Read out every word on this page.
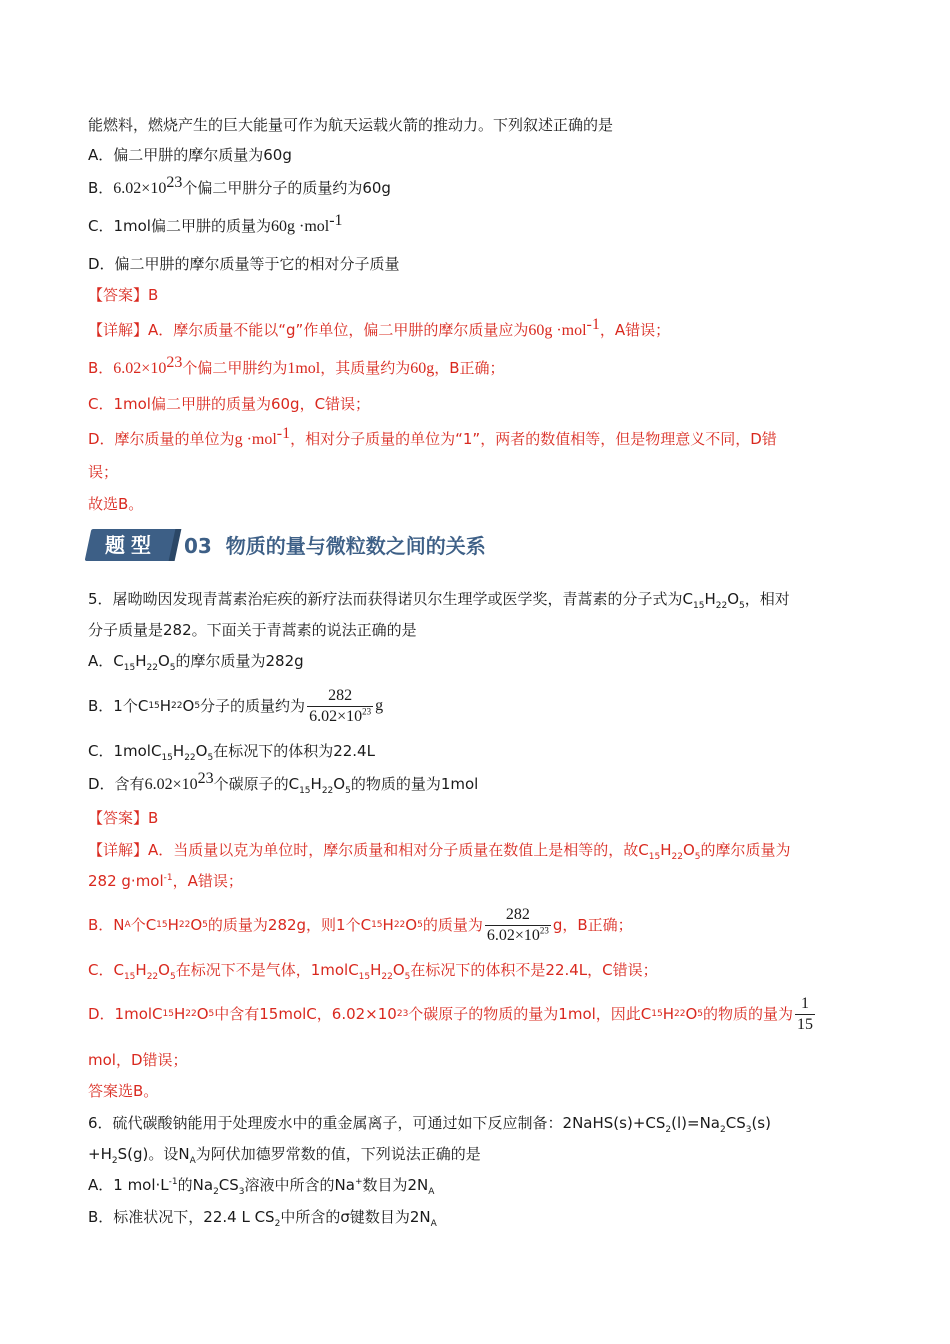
能燃料，燃烧产生的巨大能量可作为航天运载火箭的推动力。下列叙述正确的是
A．偏二甲肼的摩尔质量为60g
B．$6.02\times 10^{23}$个偏二甲肼分子的质量约为60g
C．1mol偏二甲肼的质量为60g ·mol$^{-1}$
D．偏二甲肼的摩尔质量等于它的相对分子质量
【答案】B
【详解】A．摩尔质量不能以“g”作单位，偏二甲肼的摩尔质量应为60g ·mol$^{-1}$，A错误；
B．$6.02\times 10^{23}$个偏二甲肼约为1mol，其质量约为60g，B正确；
C．1mol偏二甲肼的质量为60g，C错误；
D．摩尔质量的单位为g ·mol$^{-1}$，相对分子质量的单位为“1”，两者的数值相等，但是物理意义不同，D错
误；
故选B。
题型	03 物质的量与微粒数之间的关系
5．屠呦呦因发现青蒿素治疟疾的新疗法而获得诺贝尔生理学或医学奖，青蒿素的分子式为$C_{15}H_{22}O_5$，相对
分子质量是282。下面关于青蒿素的说法正确的是
A．$C_{15}H_{22}O_5$的摩尔质量为282g
B．1个C 15 H 22 O 5 分子的质量约为 $\frac{282}{6.02\times 10^{23}}$ g
C．$1molC_{15}H_{22}O_5$在标况下的体积为22.4L
D．含有$6.02\times 10^{23}$个碳原子的$C_{15}H_{22}O_5$的物质的量为1mol
【答案】B
【详解】A．当质量以克为单位时，摩尔质量和相对分子质量在数值上是相等的，故$C_{15}H_{22}O_5$的摩尔质量为
282 g·mol$^{-1}$，A错误；
B．N A 个C 15 H 22 O 5 的质量为282g，则1个C 15 H 22 O 5 的质量为 $\frac{282}{6.02\times 10^{23}}$ g，B正确；
C．$C_{15}H_{22}O_5$在标况下不是气体，$1molC_{15}H_{22}O_5$在标况下的体积不是22.4L，C错误；
D．1molC 15 H 22 O 5 中含有15molC，6.02×10 23 个碳原子的物质的量为1mol，因此C 15 H 22 O 5 的物质的量为 $\frac{1}{15}$
mol，D错误；
答案选B。
6．硫代碳酸钠能用于处理废水中的重金属离子，可通过如下反应制备：$2NaHS(s)+CS_2(l)=Na_2CS_3(s)$
$+H_2S(g)$。设$N_A$为阿伏加德罗常数的值，下列说法正确的是
A．1 $mol\cdot L^{-1}$的$Na_2CS_3$溶液中所含的Na+数目为$2N_A$
B．标准状况下，22.4 L $CS_2$中所含的σ键数目为$2N_A$
